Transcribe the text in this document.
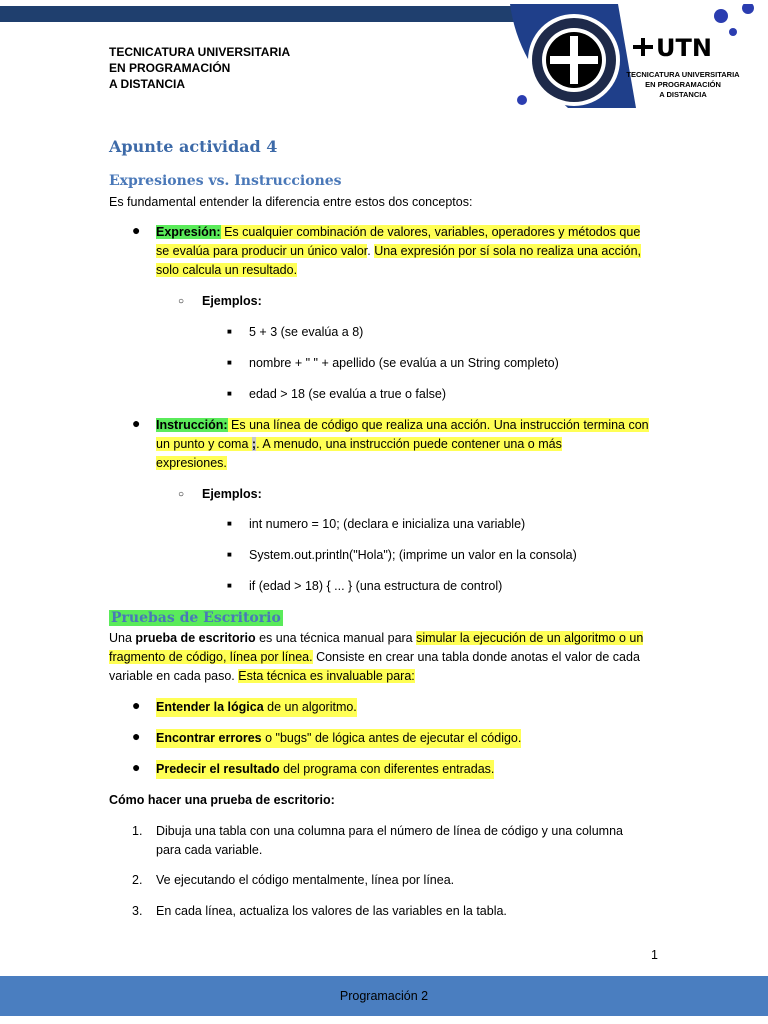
UTN
TECNICATURA UNIVERSITARIA
EN PROGRAMACIÓN
A DISTANCIA
TECNICATURA UNIVERSITARIA
EN PROGRAMACIÓN
A DISTANCIA
Apunte actividad 4
Expresiones vs. Instrucciones
Es fundamental entender la diferencia entre estos dos conceptos:
● Expresión: Es cualquier combinación de valores, variables, operadores y métodos que
se evalúa para producir un único valor. Una expresión por sí sola no realiza una acción,
solo calcula un resultado.
○ Ejemplos:
■ 5 + 3 (se evalúa a 8)
■ nombre + " " + apellido (se evalúa a un String completo)
■ edad > 18 (se evalúa a true o false)
● Instrucción: Es una línea de código que realiza una acción. Una instrucción termina con
un punto y coma ;. A menudo, una instrucción puede contener una o más
expresiones.
○ Ejemplos:
■ int numero = 10; (declara e inicializa una variable)
■ System.out.println("Hola"); (imprime un valor en la consola)
■ if (edad > 18) { ... } (una estructura de control)
Pruebas de Escritorio
Una prueba de escritorio es una técnica manual para simular la ejecución de un algoritmo o un
fragmento de código, línea por línea. Consiste en crear una tabla donde anotas el valor de cada
variable en cada paso. Esta técnica es invaluable para:
● Entender la lógica de un algoritmo.
● Encontrar errores o "bugs" de lógica antes de ejecutar el código.
● Predecir el resultado del programa con diferentes entradas.
Cómo hacer una prueba de escritorio:
1. Dibuja una tabla con una columna para el número de línea de código y una columna
para cada variable.
2. Ve ejecutando el código mentalmente, línea por línea.
3. En cada línea, actualiza los valores de las variables en la tabla.
1
Programación 2
